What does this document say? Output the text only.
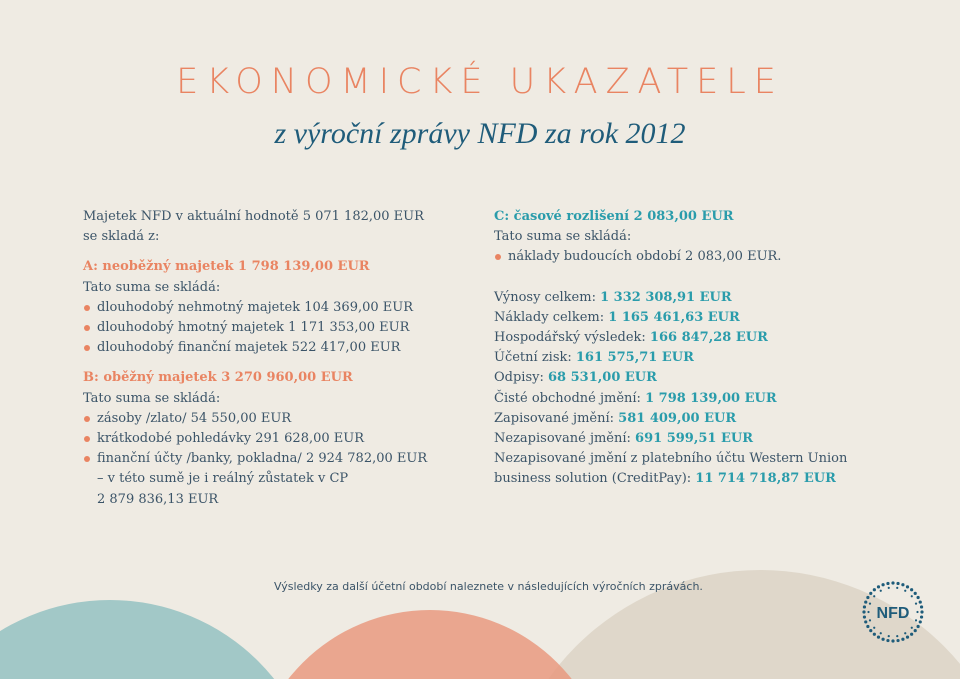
EKONOMICKÉ UKAZATELE
z výroční zprávy NFD za rok 2012
Majetek NFD v aktuální hodnotě 5 071 182,00 EUR
se skladá z:
A: neoběžný majetek 1 798 139,00 EUR
Tato suma se skládá:
dlouhodobý nehmotný majetek 104 369,00 EUR
dlouhodobý hmotný majetek 1 171 353,00 EUR
dlouhodobý finanční majetek 522 417,00 EUR
B: oběžný majetek 3 270 960,00 EUR
Tato suma se skládá:
zásoby /zlato/ 54 550,00 EUR
krátkodobé pohledávky 291 628,00 EUR
finanční účty /banky, pokladna/ 2 924 782,00 EUR
– v této sumě je i reálný zůstatek v CP
2 879 836,13 EUR
C: časové rozlišení 2 083,00 EUR
Tato suma se skládá:
náklady budoucích období 2 083,00 EUR.
Výnosy celkem: 1 332 308,91 EUR
Náklady celkem: 1 165 461,63 EUR
Hospodářský výsledek: 166 847,28 EUR
Účetní zisk: 161 575,71 EUR
Odpisy: 68 531,00 EUR
Čisté obchodné jmění: 1 798 139,00 EUR
Zapisované jmění: 581 409,00 EUR
Nezapisované jmění: 691 599,51 EUR
Nezapisované jmění z platebního účtu Western Union
business solution (CreditPay): 11 714 718,87 EUR
Výsledky za další účetní období naleznete v následujících výročních zprávách.
NFD
